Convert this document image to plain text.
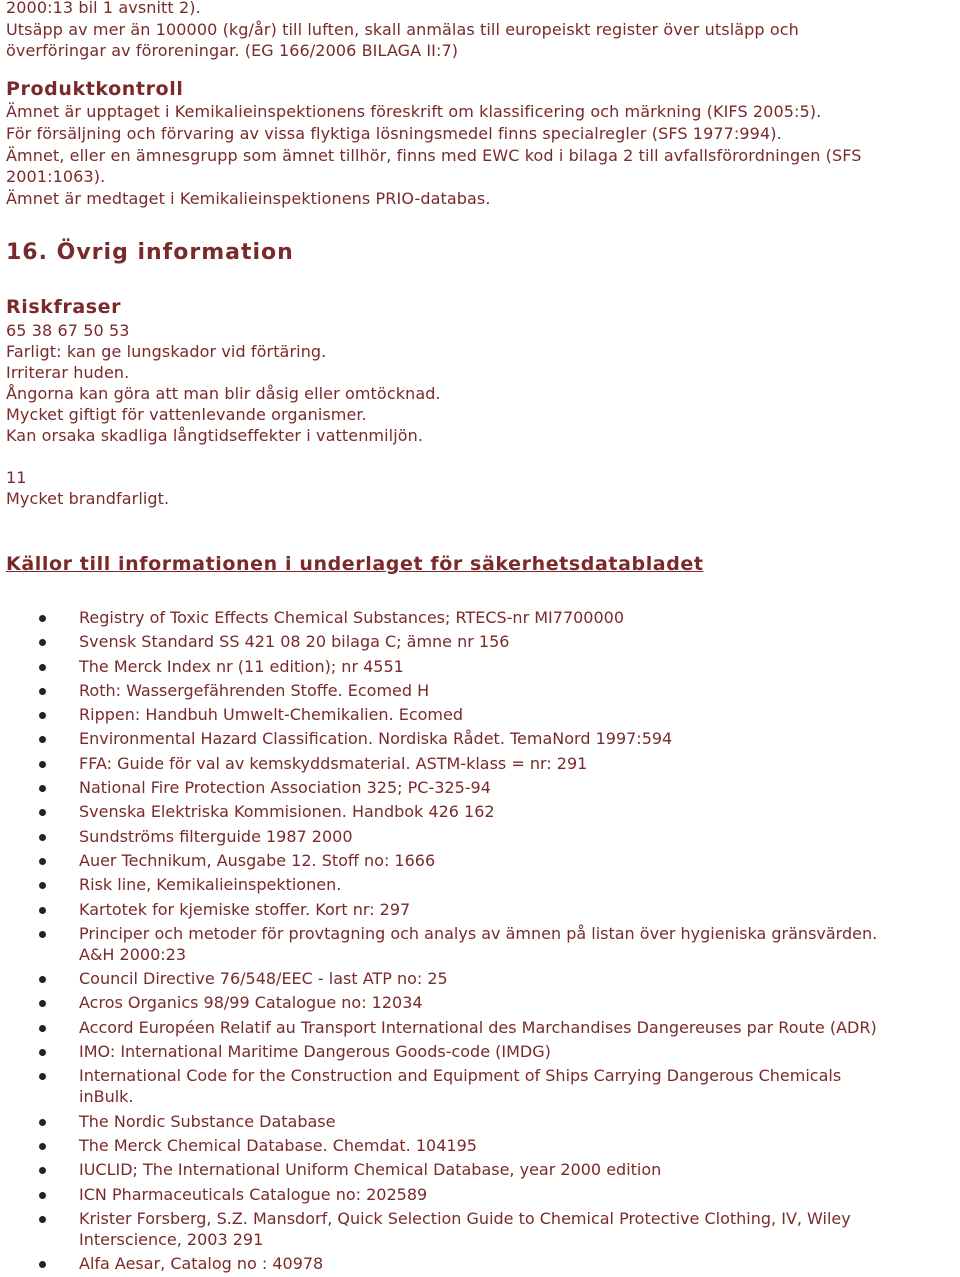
2000:13 bil 1 avsnitt 2).
Utsäpp av mer än 100000 (kg/år) till luften, skall anmälas till europeiskt register över utsläpp och
överföringar av föroreningar. (EG 166/2006 BILAGA II:7)
Produktkontroll
Ämnet är upptaget i Kemikalieinspektionens föreskrift om klassificering och märkning (KIFS 2005:5).
För försäljning och förvaring av vissa flyktiga lösningsmedel finns specialregler (SFS 1977:994).
Ämnet, eller en ämnesgrupp som ämnet tillhör, finns med EWC kod i bilaga 2 till avfallsförordningen (SFS
2001:1063).
Ämnet är medtaget i Kemikalieinspektionens PRIO-databas.
16. Övrig information
Riskfraser
65 38 67 50 53
Farligt: kan ge lungskador vid förtäring.
Irriterar huden.
Ångorna kan göra att man blir dåsig eller omtöcknad.
Mycket giftigt för vattenlevande organismer.
Kan orsaka skadliga långtidseffekter i vattenmiljön.
11
Mycket brandfarligt.
Källor till informationen i underlaget för säkerhetsdatabladet
Registry of Toxic Effects Chemical Substances; RTECS-nr MI7700000
Svensk Standard SS 421 08 20 bilaga C; ämne nr 156
The Merck Index nr (11 edition); nr 4551
Roth: Wassergefährenden Stoffe. Ecomed H
Rippen: Handbuh Umwelt-Chemikalien. Ecomed
Environmental Hazard Classification. Nordiska Rådet. TemaNord 1997:594
FFA: Guide för val av kemskyddsmaterial. ASTM-klass = nr: 291
National Fire Protection Association 325; PC-325-94
Svenska Elektriska Kommisionen. Handbok 426 162
Sundströms filterguide 1987 2000
Auer Technikum, Ausgabe 12. Stoff no: 1666
Risk line, Kemikalieinspektionen.
Kartotek for kjemiske stoffer. Kort nr: 297
Principer och metoder för provtagning och analys av ämnen på listan över hygieniska gränsvärden.
A&H 2000:23
Council Directive 76/548/EEC - last ATP no: 25
Acros Organics 98/99 Catalogue no: 12034
Accord Européen Relatif au Transport International des Marchandises Dangereuses par Route (ADR)
IMO: International Maritime Dangerous Goods-code (IMDG)
International Code for the Construction and Equipment of Ships Carrying Dangerous Chemicals
inBulk.
The Nordic Substance Database
The Merck Chemical Database. Chemdat. 104195
IUCLID; The International Uniform Chemical Database, year 2000 edition
ICN Pharmaceuticals Catalogue no: 202589
Krister Forsberg, S.Z. Mansdorf, Quick Selection Guide to Chemical Protective Clothing, IV, Wiley
Interscience, 2003 291
Alfa Aesar, Catalog no : 40978
